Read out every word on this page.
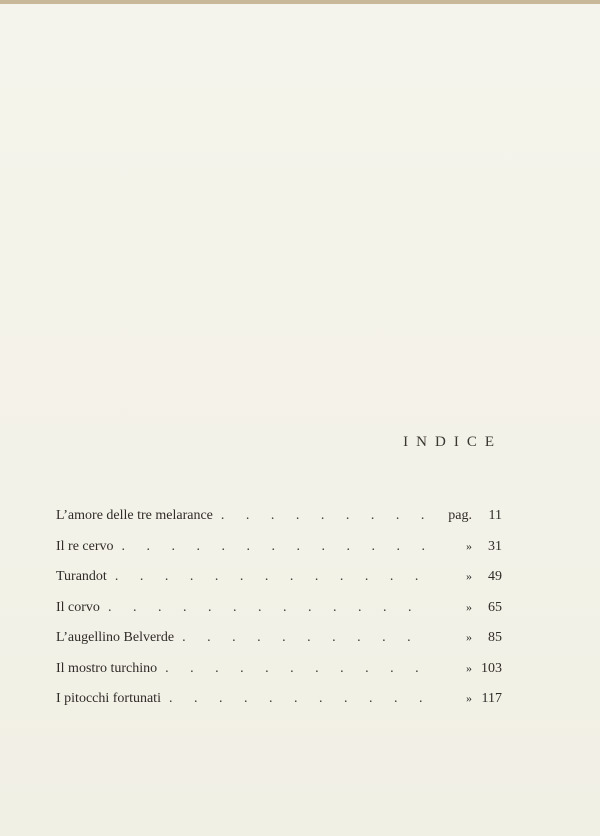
INDICE
L’amore delle tre melarance . . .	pag.	11
Il re cervo . . .	»	31
Turandot . . .	»	49
Il corvo . . .	»	65
L’augellino Belverde . . .	»	85
Il mostro turchino . . .	» 103
I pitocchi fortunati . . .	» 117
